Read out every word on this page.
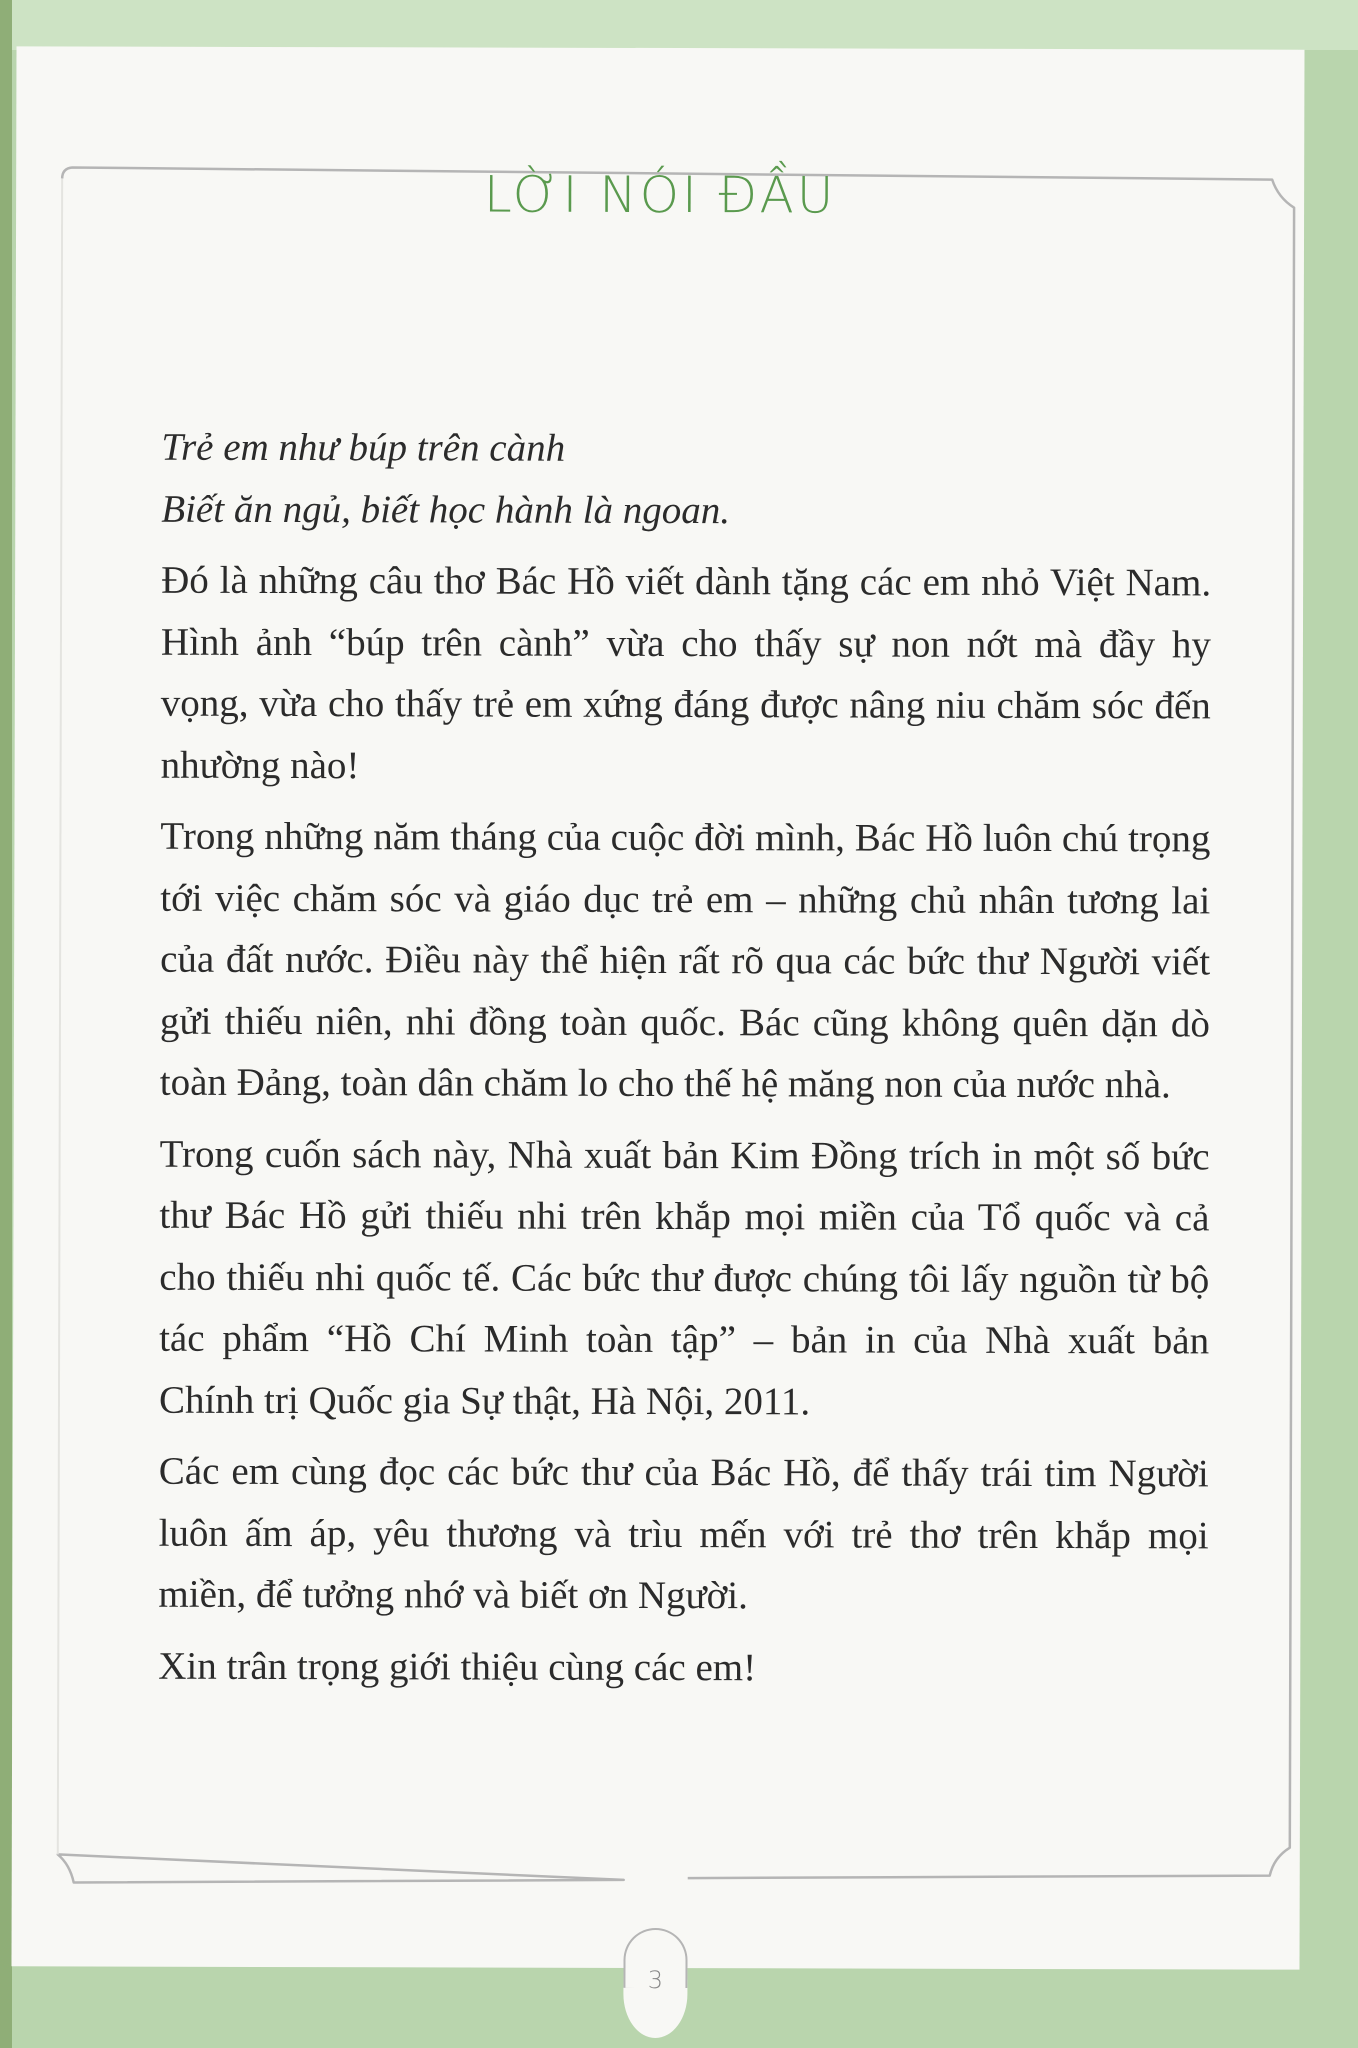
LỜI NÓI ĐẦU

Trẻ em như búp trên cành

Biết ăn ngủ, biết học hành là ngoan.

Đó là những câu thơ Bác Hồ viết dành tặng các em nhỏ Việt Nam. Hình ảnh “búp trên cành” vừa cho thấy sự non nớt mà đầy hy vọng, vừa cho thấy trẻ em xứng đáng được nâng niu chăm sóc đến nhường nào!

Trong những năm tháng của cuộc đời mình, Bác Hồ luôn chú trọng tới việc chăm sóc và giáo dục trẻ em – những chủ nhân tương lai của đất nước. Điều này thể hiện rất rõ qua các bức thư Người viết gửi thiếu niên, nhi đồng toàn quốc. Bác cũng không quên dặn dò toàn Đảng, toàn dân chăm lo cho thế hệ măng non của nước nhà.

Trong cuốn sách này, Nhà xuất bản Kim Đồng trích in một số bức thư Bác Hồ gửi thiếu nhi trên khắp mọi miền của Tổ quốc và cả cho thiếu nhi quốc tế. Các bức thư được chúng tôi lấy nguồn từ bộ tác phẩm “Hồ Chí Minh toàn tập” – bản in của Nhà xuất bản Chính trị Quốc gia Sự thật, Hà Nội, 2011.

Các em cùng đọc các bức thư của Bác Hồ, để thấy trái tim Người luôn ấm áp, yêu thương và trìu mến với trẻ thơ trên khắp mọi miền, để tưởng nhớ và biết ơn Người.

Xin trân trọng giới thiệu cùng các em!

3
